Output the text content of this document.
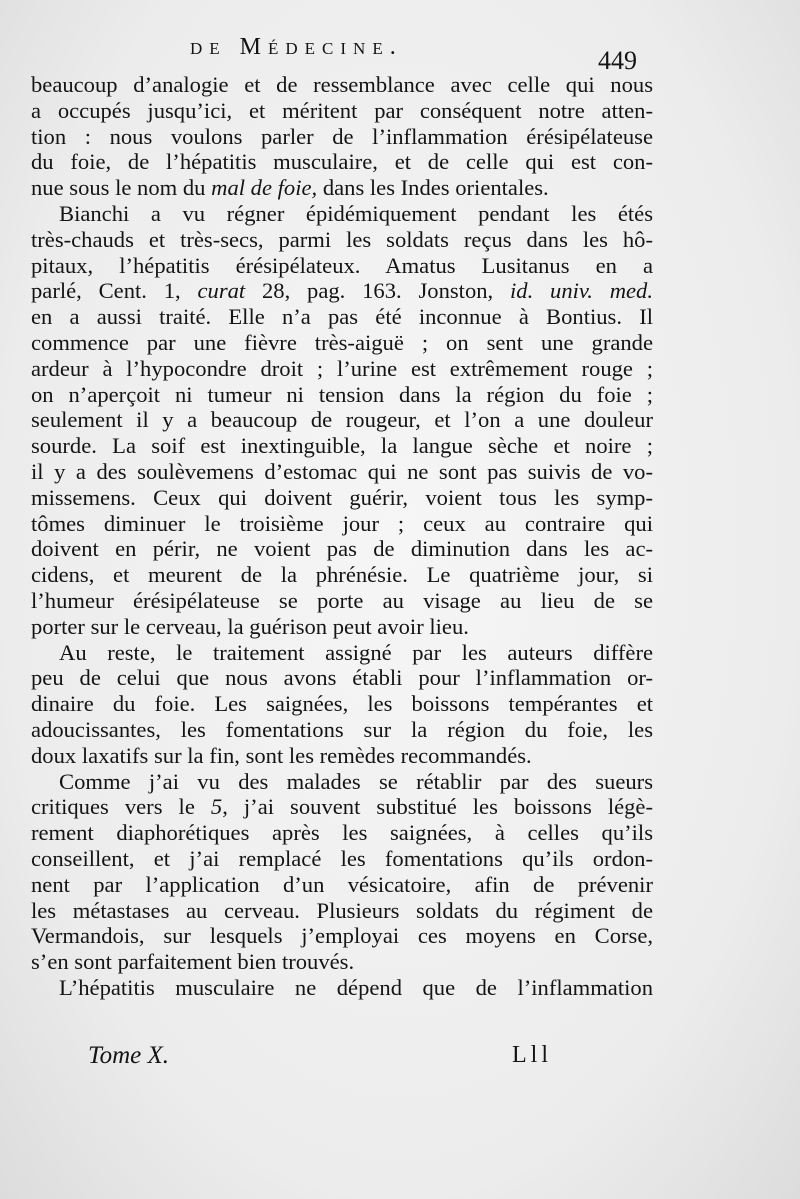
de Médecine.	449
beaucoup d’analogie et de ressemblance avec celle qui nous
a occupés jusqu’ici, et méritent par conséquent notre atten-
tion : nous voulons parler de l’inflammation érésipélateuse
du foie, de l’hépatitis musculaire, et de celle qui est con-
nue sous le nom du mal de foie, dans les Indes orientales.
Bianchi a vu régner épidémiquement pendant les étés
très-chauds et très-secs, parmi les soldats reçus dans les hô-
pitaux, l’hépatitis érésipélateux. Amatus Lusitanus en a
parlé, Cent. 1, curat 28, pag. 163. Jonston, id. univ. med.
en a aussi traité. Elle n’a pas été inconnue à Bontius. Il
commence par une fièvre très-aiguë ; on sent une grande
ardeur à l’hypocondre droit ; l’urine est extrêmement rouge ;
on n’aperçoit ni tumeur ni tension dans la région du foie ;
seulement il y a beaucoup de rougeur, et l’on a une douleur
sourde. La soif est inextinguible, la langue sèche et noire ;
il y a des soulèvemens d’estomac qui ne sont pas suivis de vo-
missemens. Ceux qui doivent guérir, voient tous les symp-
tômes diminuer le troisième jour ; ceux au contraire qui
doivent en périr, ne voient pas de diminution dans les ac-
cidens, et meurent de la phrénésie. Le quatrième jour, si
l’humeur érésipélateuse se porte au visage au lieu de se
porter sur le cerveau, la guérison peut avoir lieu.
Au reste, le traitement assigné par les auteurs diffère
peu de celui que nous avons établi pour l’inflammation or-
dinaire du foie. Les saignées, les boissons tempérantes et
adoucissantes, les fomentations sur la région du foie, les
doux laxatifs sur la fin, sont les remèdes recommandés.
Comme j’ai vu des malades se rétablir par des sueurs
critiques vers le 5, j’ai souvent substitué les boissons légè-
rement diaphorétiques après les saignées, à celles qu’ils
conseillent, et j’ai remplacé les fomentations qu’ils ordon-
nent par l’application d’un vésicatoire, afin de prévenir
les métastases au cerveau. Plusieurs soldats du régiment de
Vermandois, sur lesquels j’employai ces moyens en Corse,
s’en sont parfaitement bien trouvés.
L’hépatitis musculaire ne dépend que de l’inflammation
Tome X.	Lll
